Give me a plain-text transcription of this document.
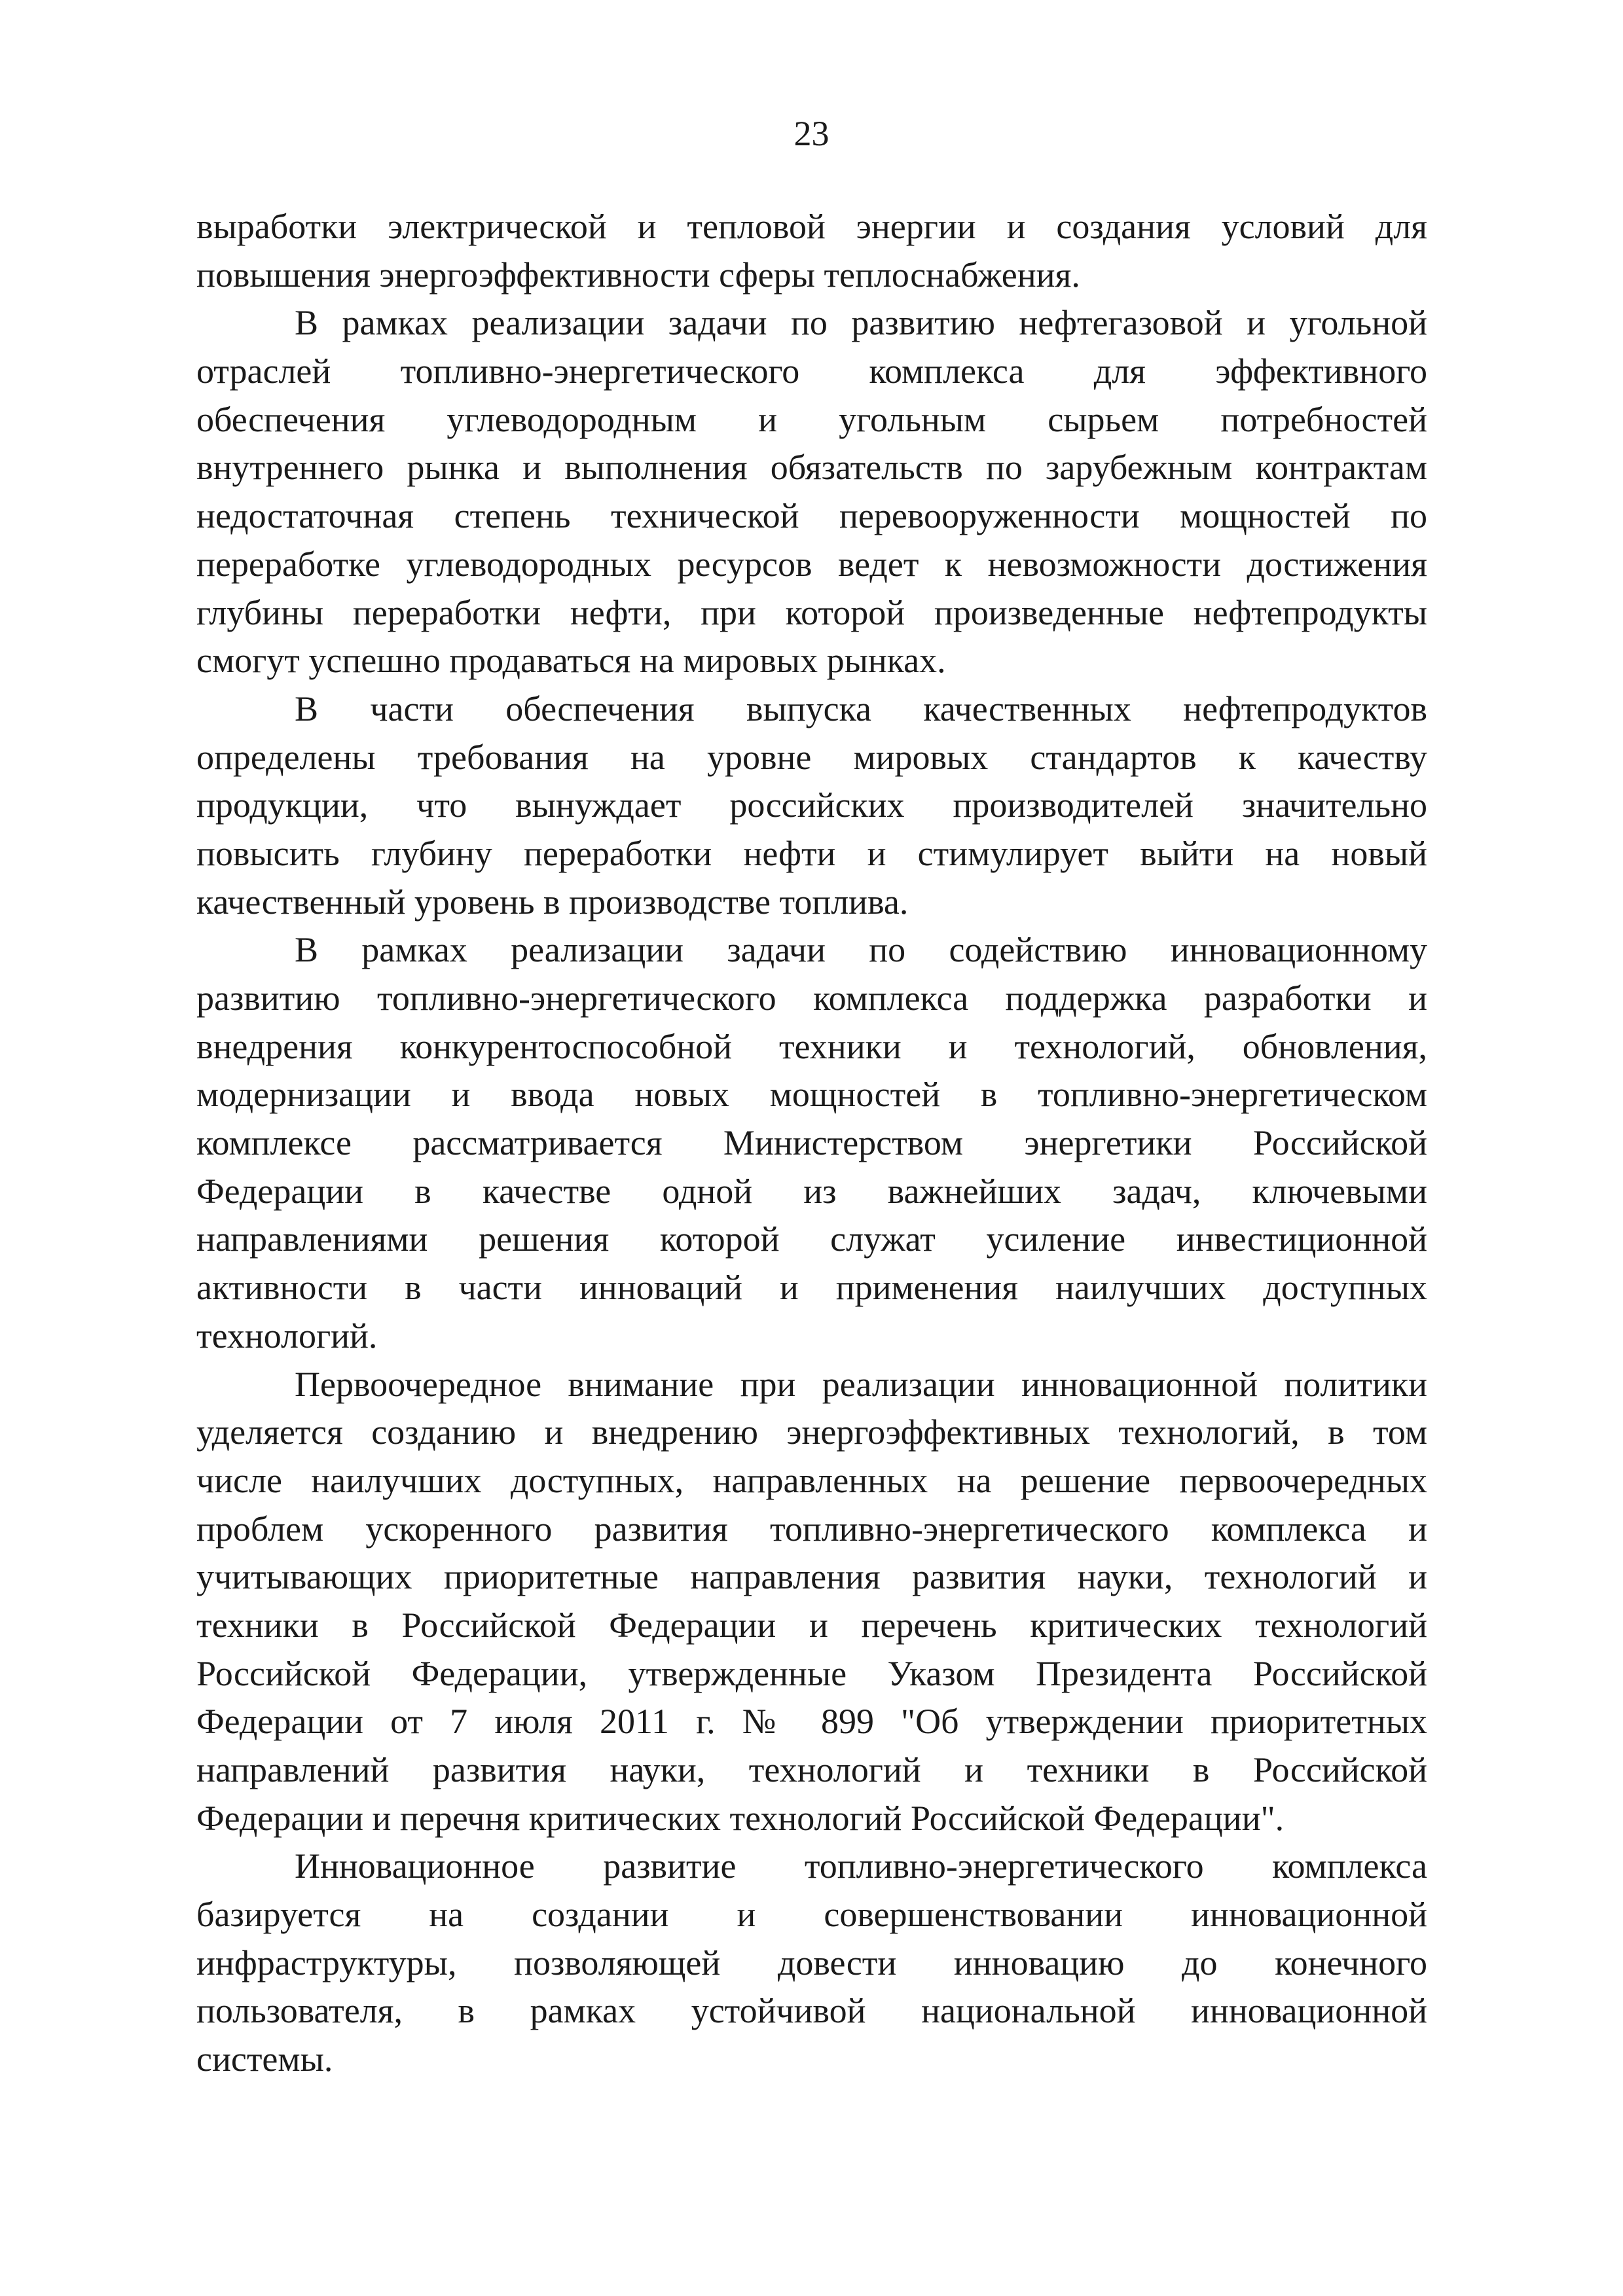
23
выработки электрической и тепловой энергии и создания условий для
повышения энергоэффективности сферы теплоснабжения.
В рамках реализации задачи по развитию нефтегазовой и угольной
отраслей топливно-энергетического комплекса для эффективного
обеспечения углеводородным и угольным сырьем потребностей
внутреннего рынка и выполнения обязательств по зарубежным контрактам
недостаточная степень технической перевооруженности мощностей по
переработке углеводородных ресурсов ведет к невозможности достижения
глубины переработки нефти, при которой произведенные нефтепродукты
смогут успешно продаваться на мировых рынках.
В части обеспечения выпуска качественных нефтепродуктов
определены требования на уровне мировых стандартов к качеству
продукции, что вынуждает российских производителей значительно
повысить глубину переработки нефти и стимулирует выйти на новый
качественный уровень в производстве топлива.
В рамках реализации задачи по содействию инновационному
развитию топливно-энергетического комплекса поддержка разработки и
внедрения конкурентоспособной техники и технологий, обновления,
модернизации и ввода новых мощностей в топливно-энергетическом
комплексе рассматривается Министерством энергетики Российской
Федерации в качестве одной из важнейших задач, ключевыми
направлениями решения которой служат усиление инвестиционной
активности в части инноваций и применения наилучших доступных
технологий.
Первоочередное внимание при реализации инновационной политики
уделяется созданию и внедрению энергоэффективных технологий, в том
числе наилучших доступных, направленных на решение первоочередных
проблем ускоренного развития топливно-энергетического комплекса и
учитывающих приоритетные направления развития науки, технологий и
техники в Российской Федерации и перечень критических технологий
Российской Федерации, утвержденные Указом Президента Российской
Федерации от 7 июля 2011 г. № 899 "Об утверждении приоритетных
направлений развития науки, технологий и техники в Российской
Федерации и перечня критических технологий Российской Федерации".
Инновационное развитие топливно-энергетического комплекса
базируется на создании и совершенствовании инновационной
инфраструктуры, позволяющей довести инновацию до конечного
пользователя, в рамках устойчивой национальной инновационной
системы.
